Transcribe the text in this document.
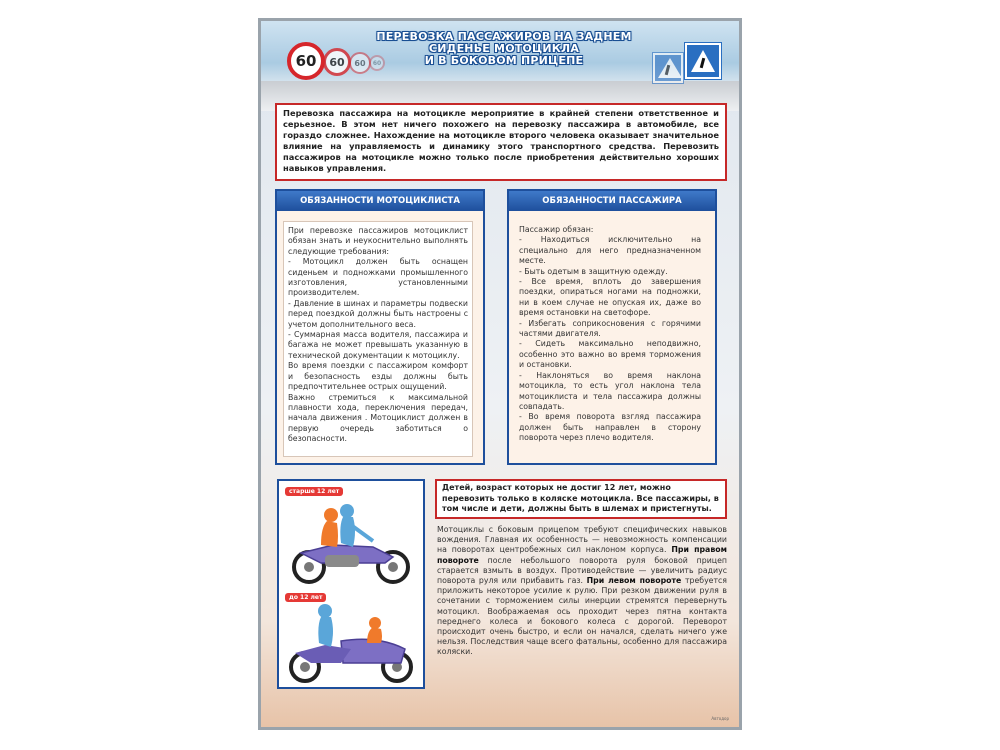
60 60 60 60
ПЕРЕВОЗКА ПАССАЖИРОВ НА ЗАДНЕМ
СИДЕНЬЕ МОТОЦИКЛА
И В БОКОВОМ ПРИЦЕПЕ
Перевозка пассажира на мотоцикле мероприятие в крайней степени ответственное и серьезное. В этом нет ничего похожего на перевозку пассажира в автомобиле, все гораздо сложнее. Нахождение на мотоцикле второго человека оказывает значительное влияние на управляемость и динамику этого транспортного средства. Перевозить пассажиров на мотоцикле можно только после приобретения действительно хороших навыков управления.
ОБЯЗАННОСТИ МОТОЦИКЛИСТА
При перевозке пассажиров мотоциклист обязан знать и неукоснительно выполнять следующие требования:
- Мотоцикл должен быть оснащен сиденьем и подножками промышленного изготовления, установленными производителем.
- Давление в шинах и параметры подвески перед поездкой должны быть настроены с учетом дополнительного веса.
- Суммарная масса водителя, пассажира и багажа не может превышать указанную в технической документации к мотоциклу.
Во время поездки с пассажиром комфорт и безопасность езды должны быть предпочтительнее острых ощущений.
Важно стремиться к максимальной плавности хода, переключения передач, начала движения . Мотоциклист должен в первую очередь заботиться о безопасности.
ОБЯЗАННОСТИ ПАССАЖИРА
Пассажир обязан:
- Находиться исключительно на специально для него предназначенном месте.
- Быть одетым в защитную одежду.
- Все время, вплоть до завершения поездки, опираться ногами на подножки, ни в коем случае не опуская их, даже во время остановки на светофоре.
- Избегать соприкосновения с горячими частями двигателя.
- Сидеть максимально неподвижно, особенно это важно во время торможения и остановки.
- Наклоняться во время наклона мотоцикла, то есть угол наклона тела мотоциклиста и тела пассажира должны совпадать.
- Во время поворота взгляд пассажира должен быть направлен в сторону поворота через плечо водителя.
старше 12 лет
до 12 лет
Детей, возраст которых не достиг 12 лет, можно перевозить только в коляске мотоцикла. Все пассажиры, в том числе и дети, должны быть в шлемах и пристегнуты.
Мотоциклы с боковым прицепом требуют специфических навыков вождения. Главная их особенность — невозможность компенсации на поворотах центробежных сил наклоном корпуса. При правом повороте после небольшого поворота руля боковой прицеп старается взмыть в воздух. Противодействие — увеличить радиус поворота руля или прибавить газ. При левом повороте требуется приложить некоторое усилие к рулю. При резком движении руля в сочетании с торможением силы инерции стремятся перевернуть мотоцикл. Воображаемая ось проходит через пятна контакта переднего колеса и бокового колеса с дорогой. Переворот происходит очень быстро, и если он начался, сделать ничего уже нельзя. Последствия чаще всего фатальны, особенно для пассажира коляски.
Автодор
